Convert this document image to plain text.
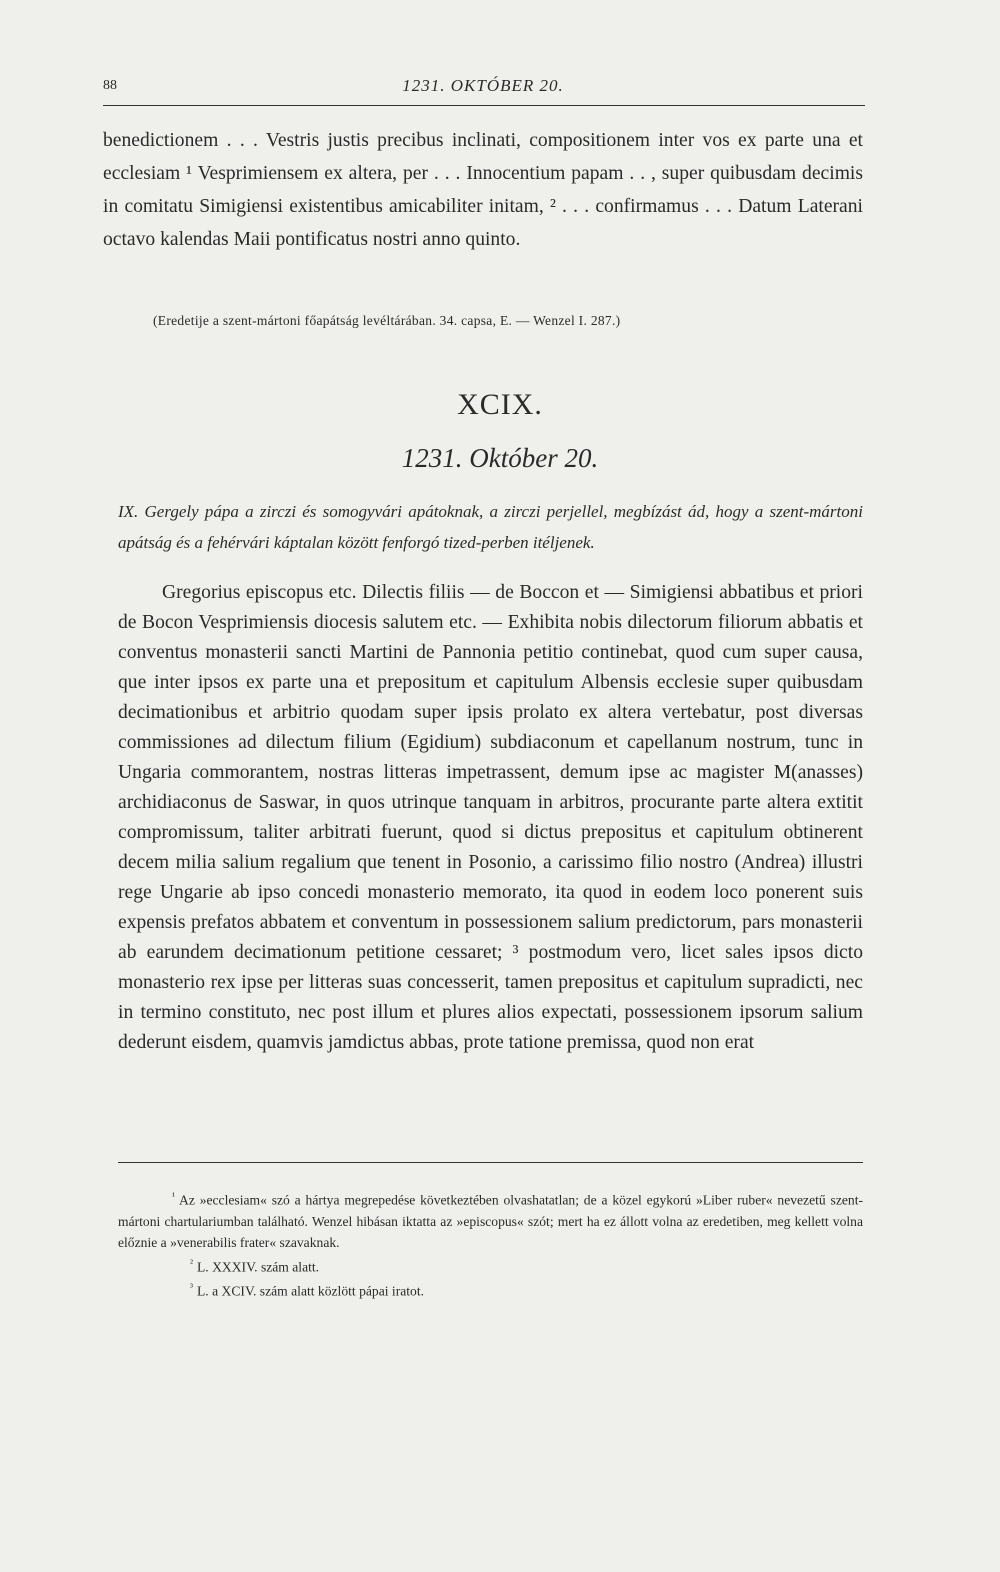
88	1231. OKTÓBER 20.

benedictionem . . . Vestris justis precibus inclinati, compositionem inter vos ex parte una et ecclesiam ¹ Vesprimiensem ex altera, per . . . Innocentium papam . . , super quibusdam decimis in comitatu Simigiensi existentibus amicabiliter initam, ² . . . confirmamus . . . Datum Laterani octavo kalendas Maii pontificatus nostri anno quinto.

(Eredetije a szent-mártoni főapátság levéltárában. 34. capsa, E. — Wenzel I. 287.)
XCIX.
1231. Október 20.
IX. Gergely pápa a zirczi és somogyvári apátoknak, a zirczi perjellel, megbízást ád, hogy a szent-mártoni apátság és a fehérvári káptalan között fenforgó tized-perben itéljenek.

Gregorius episcopus etc. Dilectis filiis — de Boccon et — Simigiensi abbatibus et priori de Bocon Vesprimiensis diocesis salutem etc. — Exhibita nobis dilectorum filiorum abbatis et conventus monasterii sancti Martini de Pannonia petitio continebat, quod cum super causa, que inter ipsos ex parte una et prepositum et capitulum Albensis ecclesie super quibusdam decimationibus et arbitrio quodam super ipsis prolato ex altera vertebatur, post diversas commissiones ad dilectum filium (Egidium) subdiaconum et capellanum nostrum, tunc in Ungaria commorantem, nostras litteras impetrassent, demum ipse ac magister M(anasses) archidiaconus de Saswar, in quos utrinque tanquam in arbitros, procurante parte altera extitit compromissum, taliter arbitrati fuerunt, quod si dictus prepositus et capitulum obtinerent decem milia salium regalium que tenent in Posonio, a carissimo filio nostro (Andrea) illustri rege Ungarie ab ipso concedi monasterio memorato, ita quod in eodem loco ponerent suis expensis prefatos abbatem et conventum in possessionem salium predictorum, pars monasterii ab earundem decimationum petitione cessaret; ³ postmodum vero, licet sales ipsos dicto monasterio rex ipse per litteras suas concesserit, tamen prepositus et capitulum supradicti, nec in termino constituto, nec post illum et plures alios expectati, possessionem ipsorum salium dederunt eisdem, quamvis jamdictus abbas, prote tatione premissa, quod non erat

$^{^1}$ Az »ecclesiam« szó a hártya megrepedése következtében olvashatatlan; de a közel egykorú »Liber ruber« nevezetű szent-mártoni chartulariumban található. Wenzel hibásan iktatta az »episcopus« szót; mert ha ez állott volna az eredetiben, meg kellett volna előznie a »venerabilis frater« szavaknak.

$^{^2}$ L. XXXIV. szám alatt.

$^{^3}$ L. a XCIV. szám alatt közlött pápai iratot.
